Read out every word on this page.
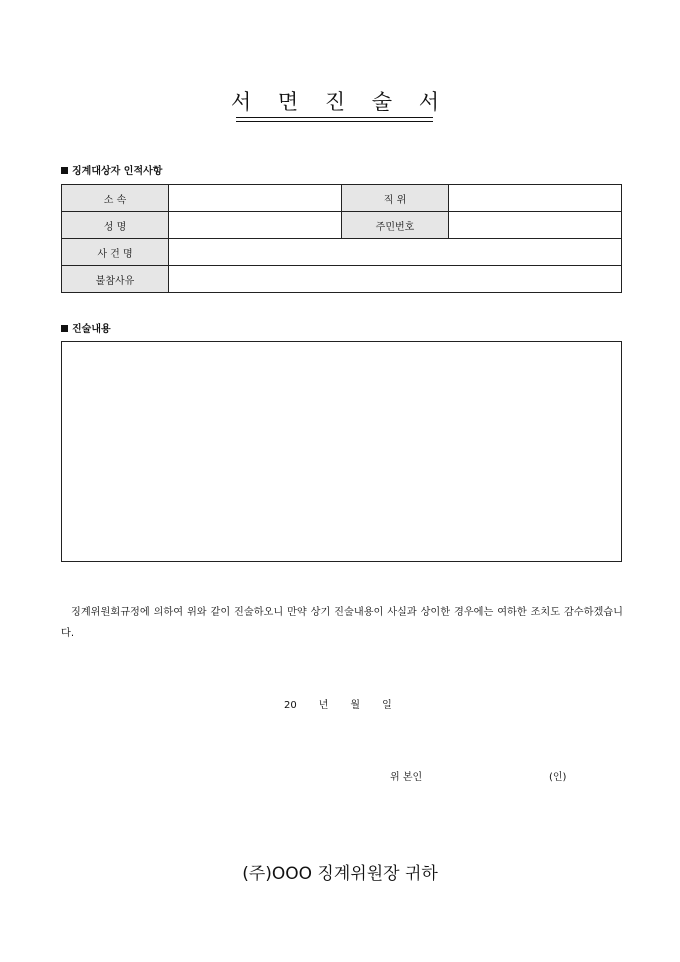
서 면 진 술 서
징계대상자 인적사항
소 속		직 위	
성 명		주민번호	
사 건 명			
불참사유			
진술내용
징계위원회규정에 의하여 위와 같이 진술하오니 만약 상기 진술내용이 사실과 상이한 경우에는 여하한 조치도 감수하겠습니다.
20 년 월 일
위 본인	(인)
(주)OOO 징계위원장 귀하
